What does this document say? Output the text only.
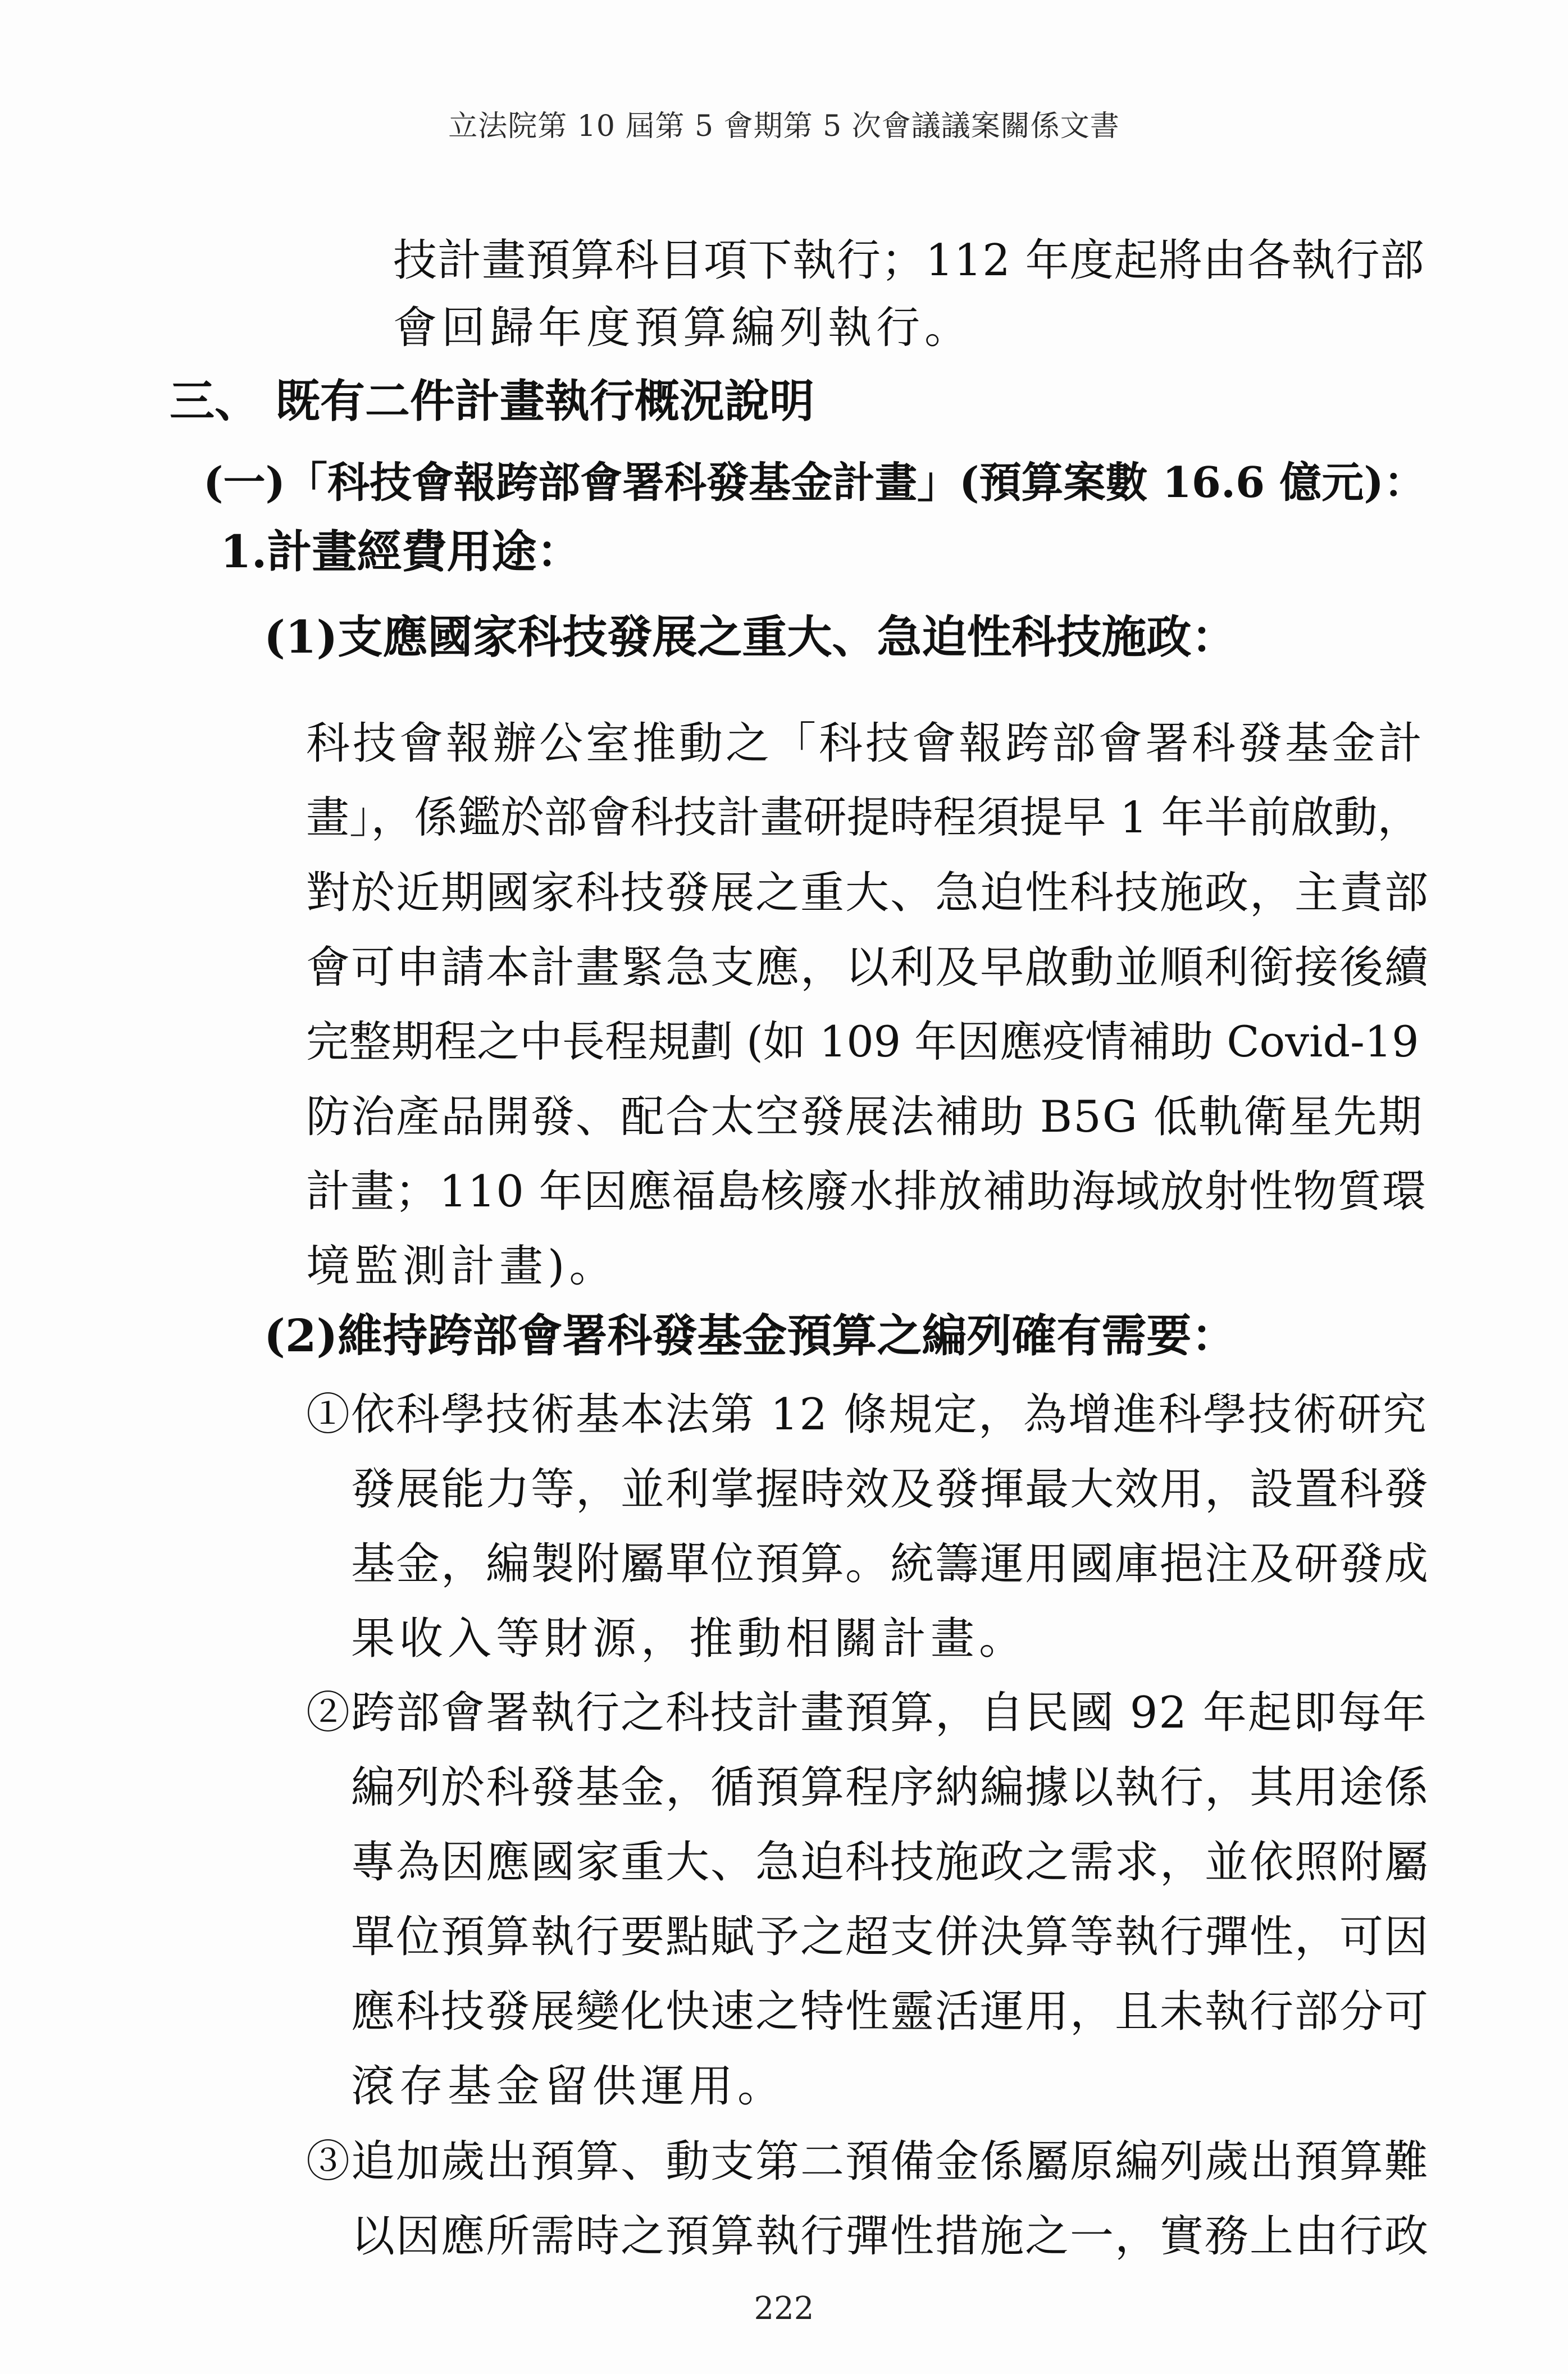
立法院第 10 屆第 5 會期第 5 次會議議案關係文書
技計畫預算科目項下執行；112 年度起將由各執行部
會回歸年度預算編列執行。
三、 既有二件計畫執行概況說明
(一)「科技會報跨部會署科發基金計畫」(預算案數 16.6 億元)：
1.計畫經費用途：
(1)支應國家科技發展之重大、急迫性科技施政：
科技會報辦公室推動之「科技會報跨部會署科發基金計
畫」，係鑑於部會科技計畫研提時程須提早 1 年半前啟動，
對於近期國家科技發展之重大、急迫性科技施政，主責部
會可申請本計畫緊急支應，以利及早啟動並順利銜接後續
完整期程之中長程規劃 (如 109 年因應疫情補助 Covid-19
防治產品開發、配合太空發展法補助 B5G 低軌衛星先期
計畫；110 年因應福島核廢水排放補助海域放射性物質環
境監測計畫)。
(2)維持跨部會署科發基金預算之編列確有需要：
①依科學技術基本法第 12 條規定，為增進科學技術研究
發展能力等，並利掌握時效及發揮最大效用，設置科發
基金，編製附屬單位預算。統籌運用國庫挹注及研發成
果收入等財源，推動相關計畫。
②跨部會署執行之科技計畫預算，自民國 92 年起即每年
編列於科發基金，循預算程序納編據以執行，其用途係
專為因應國家重大、急迫科技施政之需求，並依照附屬
單位預算執行要點賦予之超支併決算等執行彈性，可因
應科技發展變化快速之特性靈活運用，且未執行部分可
滾存基金留供運用。
③追加歲出預算、動支第二預備金係屬原編列歲出預算難
以因應所需時之預算執行彈性措施之一，實務上由行政
222
